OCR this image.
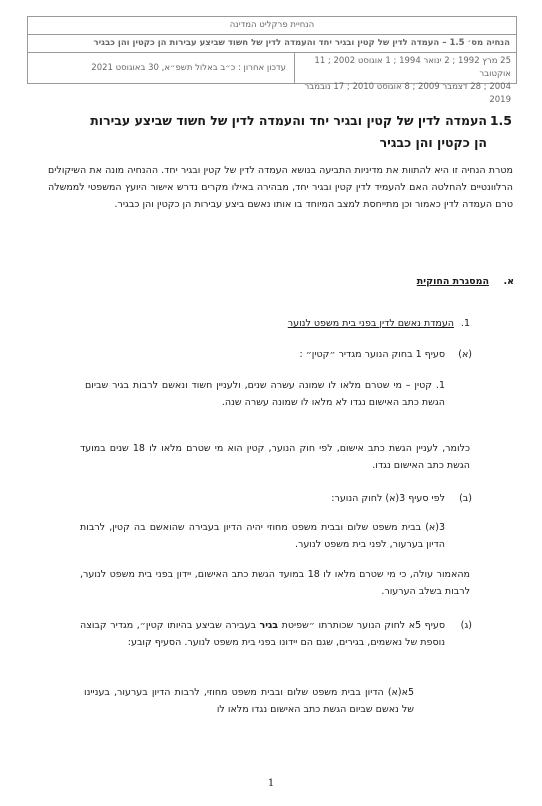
הנחיית פרקליט המדינה
הנחיה מס׳ 1.5 – העמדה לדין של קטין ובגיר יחד והעמדה לדין של חשוד שביצע עבירות הן כקטין והן כבגיר
25 מרץ 1992 ; 2 ינואר 1994 ; 1 אוגוסט 2002 ; 11 אוקטובר
2004 ; 28 דצמבר 2009 ; 8 אוגוסט 2010 ; 17 נובמבר 2019
עדכון אחרון : כ״ב באלול תשפ״א, 30 באוגוסט 2021
1.5
העמדה לדין של קטין ובגיר יחד והעמדה לדין של חשוד שביצע עבירות הן כקטין והן כבגיר
מטרת הנחיה זו היא להתוות את מדיניות התביעה בנושא העמדה לדין של קטין ובגיר יחד. ההנחיה מונה את השיקולים הרלוונטיים להחלטה האם להעמיד לדין קטין ובגיר יחד, מבהירה באילו מקרים נדרש אישור היועץ המשפטי לממשלה טרם העמדה לדין כאמור וכן מתייחסת למצב המיוחד בו אותו נאשם ביצע עבירות הן כקטין והן כבגיר.
א.
המסגרת החוקית
1.
העמדת נאשם לדין בפני בית משפט לנוער
(א)
סעיף 1 בחוק הנוער מגדיר ״קטין״ :
1. קטין – מי שטרם מלאו לו שמונה עשרה שנים, ולעניין חשוד ונאשם לרבות בגיר שביום הגשת כתב האישום נגדו לא מלאו לו שמונה עשרה שנה.
כלומר, לעניין הגשת כתב אישום, לפי חוק הנוער, קטין הוא מי שטרם מלאו לו 18 שנים במועד הגשת כתב האישום נגדו.
(ב)
לפי סעיף 3(א) לחוק הנוער:
3(א) בבית משפט שלום ובבית משפט מחוזי יהיה הדיון בעבירה שהואשם בה קטין, לרבות הדיון בערעור, לפני בית משפט לנוער.
מהאמור עולה, כי מי שטרם מלאו לו 18 במועד הגשת כתב האישום, יידון בפני בית משפט לנוער, לרבות בשלב הערעור.
(ג)
סעיף 5א לחוק הנוער שכותרתו ״שפיטת בגיר בעבירה שביצע בהיותו קטין״, מגדיר קבוצה נוספת של נאשמים, בגירים, שגם הם יידונו בפני בית משפט לנוער. הסעיף קובע:
5א(א) הדיון בבית משפט שלום ובבית משפט מחוזי, לרבות הדיון בערעור, בעניינו של נאשם שביום הגשת כתב האישום נגדו מלאו לו
1
